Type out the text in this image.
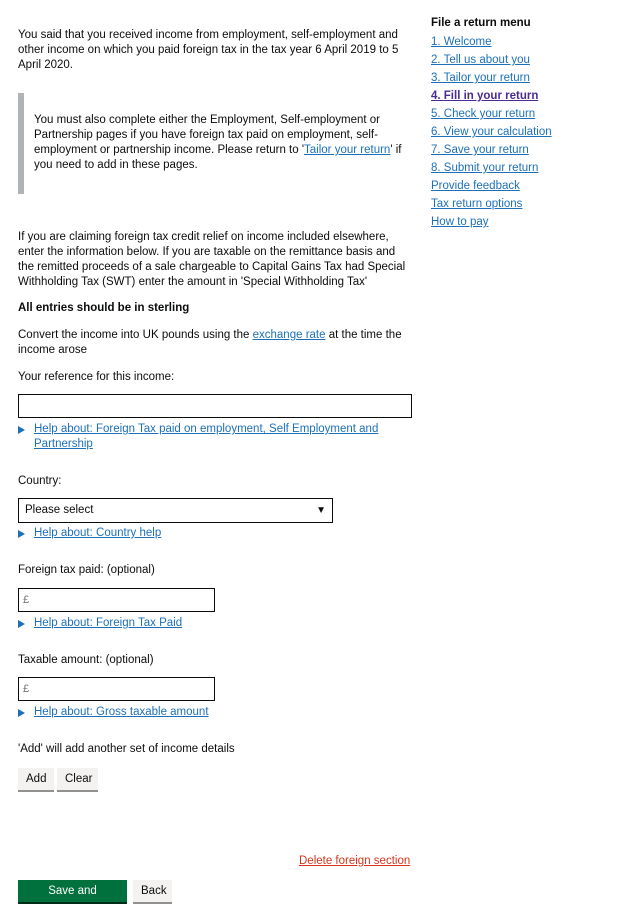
You said that you received income from employment, self-employment and other income on which you paid foreign tax in the tax year 6 April 2019 to 5 April 2020.

You must also complete either the Employment, Self-employment or Partnership pages if you have foreign tax paid on employment, self-employment or partnership income. Please return to 'Tailor your return' if you need to add in these pages.

If you are claiming foreign tax credit relief on income included elsewhere, enter the information below. If you are taxable on the remittance basis and the remitted proceeds of a sale chargeable to Capital Gains Tax had Special Withholding Tax (SWT) enter the amount in 'Special Withholding Tax'

All entries should be in sterling

Convert the income into UK pounds using the exchange rate at the time the income arose

Your reference for this income:
Help about: Foreign Tax paid on employment, Self Employment and Partnership
Country:
Please select	▼
Help about: Country help
Foreign tax paid: (optional)
£
Help about: Foreign Tax Paid
Taxable amount: (optional)
£
Help about: Gross taxable amount
'Add' will add another set of income details
Add	Clear
Delete foreign section
Save and continue
Back
File a return menu
1. Welcome
2. Tell us about you
3. Tailor your return
4. Fill in your return
5. Check your return
6. View your calculation
7. Save your return
8. Submit your return
Provide feedback
Tax return options
How to pay
